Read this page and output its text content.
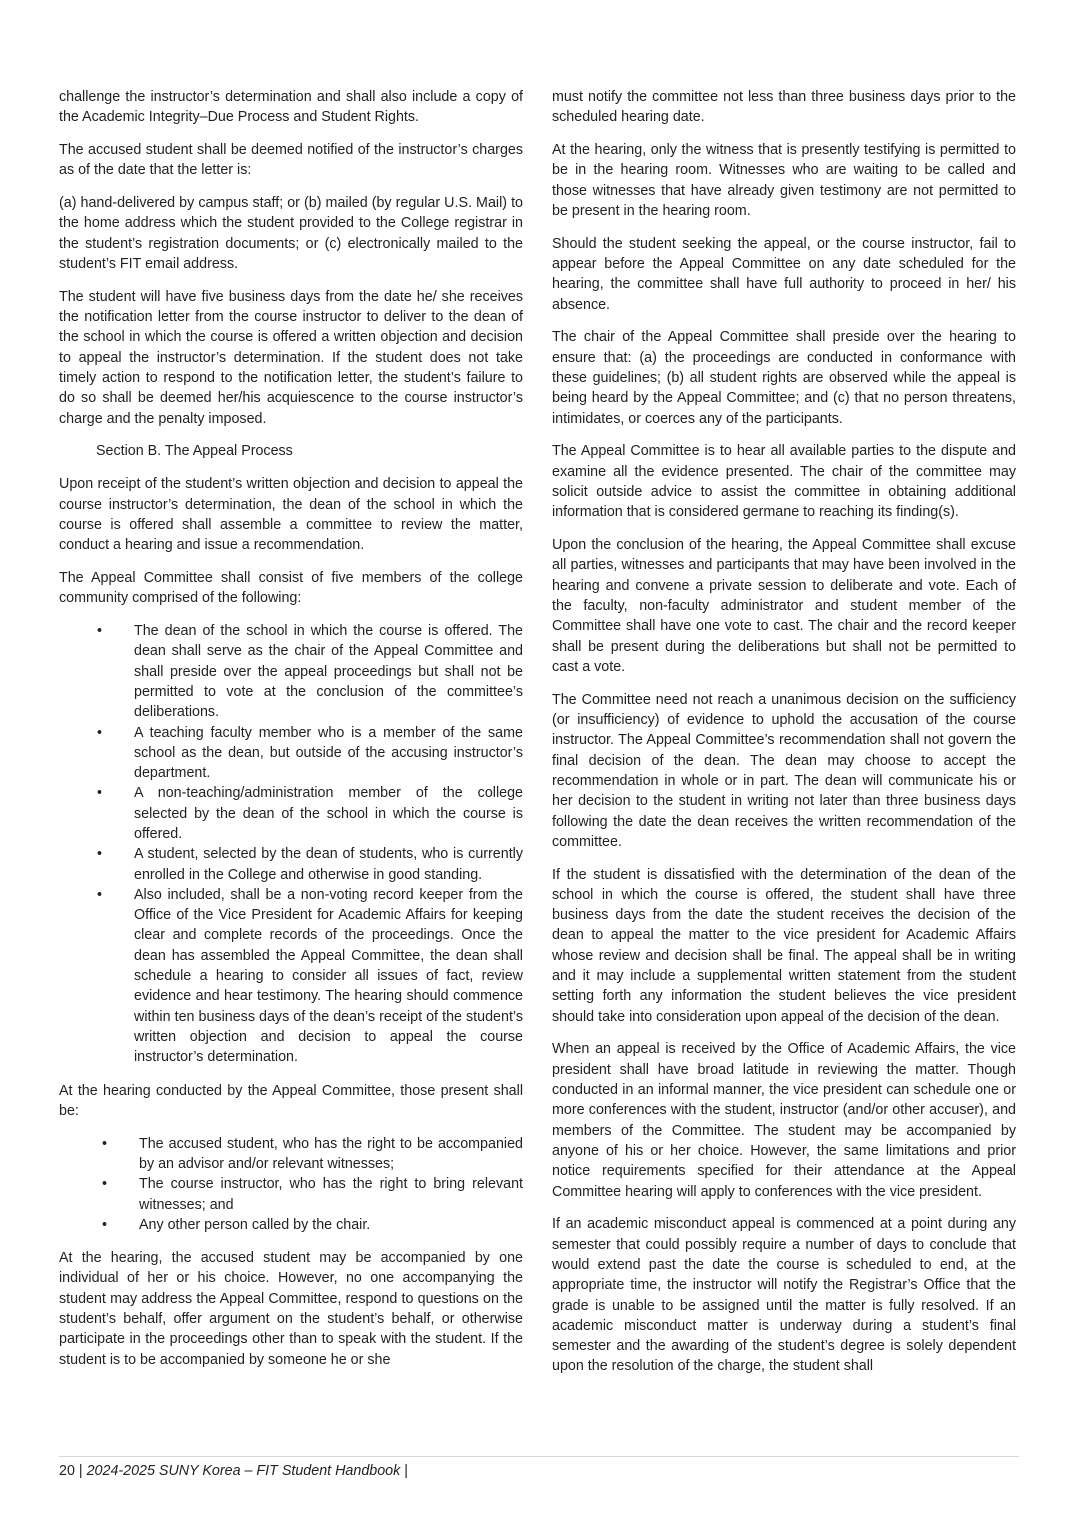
challenge the instructor’s determination and shall also include a copy of the Academic Integrity–Due Process and Student Rights.

The accused student shall be deemed notified of the instructor’s charges as of the date that the letter is:

(a) hand-delivered by campus staff; or (b) mailed (by regular U.S. Mail) to the home address which the student provided to the College registrar in the student’s registration documents; or (c) electronically mailed to the student’s FIT email address.

The student will have five business days from the date he/ she receives the notification letter from the course instructor to deliver to the dean of the school in which the course is offered a written objection and decision to appeal the instructor’s determination. If the student does not take timely action to respond to the notification letter, the student’s failure to do so shall be deemed her/his acquiescence to the course instructor’s charge and the penalty imposed.

Section B. The Appeal Process

Upon receipt of the student’s written objection and decision to appeal the course instructor’s determination, the dean of the school in which the course is offered shall assemble a committee to review the matter, conduct a hearing and issue a recommendation.

The Appeal Committee shall consist of five members of the college community comprised of the following:

• The dean of the school in which the course is offered. The dean shall serve as the chair of the Appeal Committee and shall preside over the appeal proceedings but shall not be permitted to vote at the conclusion of the committee’s deliberations.
• A teaching faculty member who is a member of the same school as the dean, but outside of the accusing instructor’s department.
• A non-teaching/administration member of the college selected by the dean of the school in which the course is offered.
• A student, selected by the dean of students, who is currently enrolled in the College and otherwise in good standing.
• Also included, shall be a non-voting record keeper from the Office of the Vice President for Academic Affairs for keeping clear and complete records of the proceedings. Once the dean has assembled the Appeal Committee, the dean shall schedule a hearing to consider all issues of fact, review evidence and hear testimony. The hearing should commence within ten business days of the dean’s receipt of the student’s written objection and decision to appeal the course instructor’s determination.

At the hearing conducted by the Appeal Committee, those present shall be:

• The accused student, who has the right to be accompanied by an advisor and/or relevant witnesses;
• The course instructor, who has the right to bring relevant witnesses; and
• Any other person called by the chair.

At the hearing, the accused student may be accompanied by one individual of her or his choice. However, no one accompanying the student may address the Appeal Committee, respond to questions on the student’s behalf, offer argument on the student’s behalf, or otherwise participate in the proceedings other than to speak with the student. If the student is to be accompanied by someone he or she

must notify the committee not less than three business days prior to the scheduled hearing date.

At the hearing, only the witness that is presently testifying is permitted to be in the hearing room. Witnesses who are waiting to be called and those witnesses that have already given testimony are not permitted to be present in the hearing room.

Should the student seeking the appeal, or the course instructor, fail to appear before the Appeal Committee on any date scheduled for the hearing, the committee shall have full authority to proceed in her/ his absence.

The chair of the Appeal Committee shall preside over the hearing to ensure that: (a) the proceedings are conducted in conformance with these guidelines; (b) all student rights are observed while the appeal is being heard by the Appeal Committee; and (c) that no person threatens, intimidates, or coerces any of the participants.

The Appeal Committee is to hear all available parties to the dispute and examine all the evidence presented. The chair of the committee may solicit outside advice to assist the committee in obtaining additional information that is considered germane to reaching its finding(s).

Upon the conclusion of the hearing, the Appeal Committee shall excuse all parties, witnesses and participants that may have been involved in the hearing and convene a private session to deliberate and vote. Each of the faculty, non-faculty administrator and student member of the Committee shall have one vote to cast. The chair and the record keeper shall be present during the deliberations but shall not be permitted to cast a vote.

The Committee need not reach a unanimous decision on the sufficiency (or insufficiency) of evidence to uphold the accusation of the course instructor. The Appeal Committee’s recommendation shall not govern the final decision of the dean. The dean may choose to accept the recommendation in whole or in part. The dean will communicate his or her decision to the student in writing not later than three business days following the date the dean receives the written recommendation of the committee.

If the student is dissatisfied with the determination of the dean of the school in which the course is offered, the student shall have three business days from the date the student receives the decision of the dean to appeal the matter to the vice president for Academic Affairs whose review and decision shall be final. The appeal shall be in writing and it may include a supplemental written statement from the student setting forth any information the student believes the vice president should take into consideration upon appeal of the decision of the dean.

When an appeal is received by the Office of Academic Affairs, the vice president shall have broad latitude in reviewing the matter. Though conducted in an informal manner, the vice president can schedule one or more conferences with the student, instructor (and/or other accuser), and members of the Committee. The student may be accompanied by anyone of his or her choice. However, the same limitations and prior notice requirements specified for their attendance at the Appeal Committee hearing will apply to conferences with the vice president.

If an academic misconduct appeal is commenced at a point during any semester that could possibly require a number of days to conclude that would extend past the date the course is scheduled to end, at the appropriate time, the instructor will notify the Registrar’s Office that the grade is unable to be assigned until the matter is fully resolved. If an academic misconduct matter is underway during a student’s final semester and the awarding of the student’s degree is solely dependent upon the resolution of the charge, the student shall

20 | 2024-2025 SUNY Korea – FIT Student Handbook |
